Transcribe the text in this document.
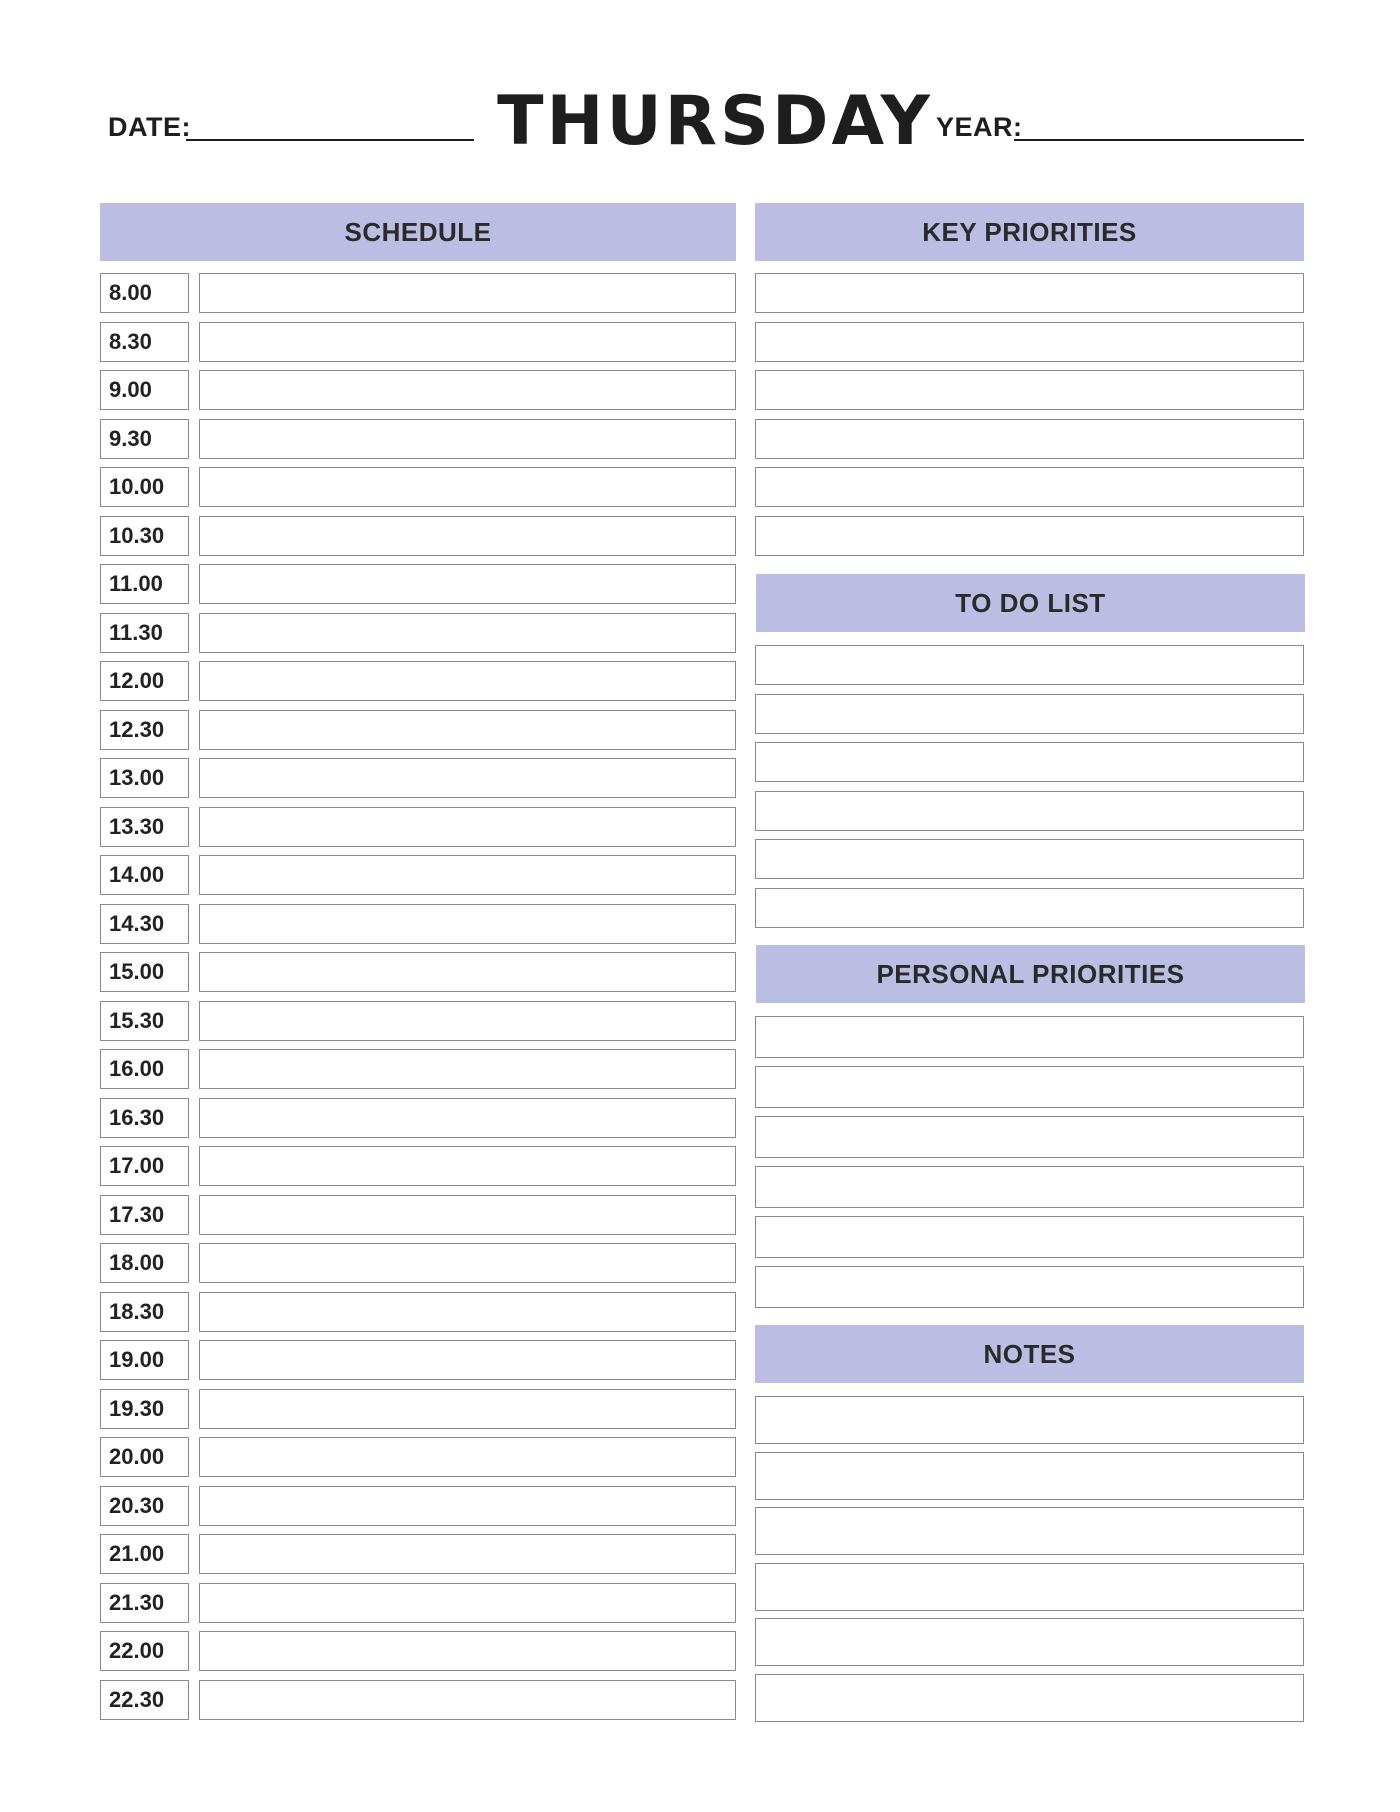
DATE:	THURSDAY YEAR:
SCHEDULE
8.00
8.30
9.00
9.30
10.00
10.30
11.00
11.30
12.00
12.30
13.00
13.30
14.00
14.30
15.00
15.30
16.00
16.30
17.00
17.30
18.00
18.30
19.00
19.30
20.00
20.30
21.00
21.30
22.00
22.30
KEY PRIORITIES
TO DO LIST
PERSONAL PRIORITIES
NOTES
